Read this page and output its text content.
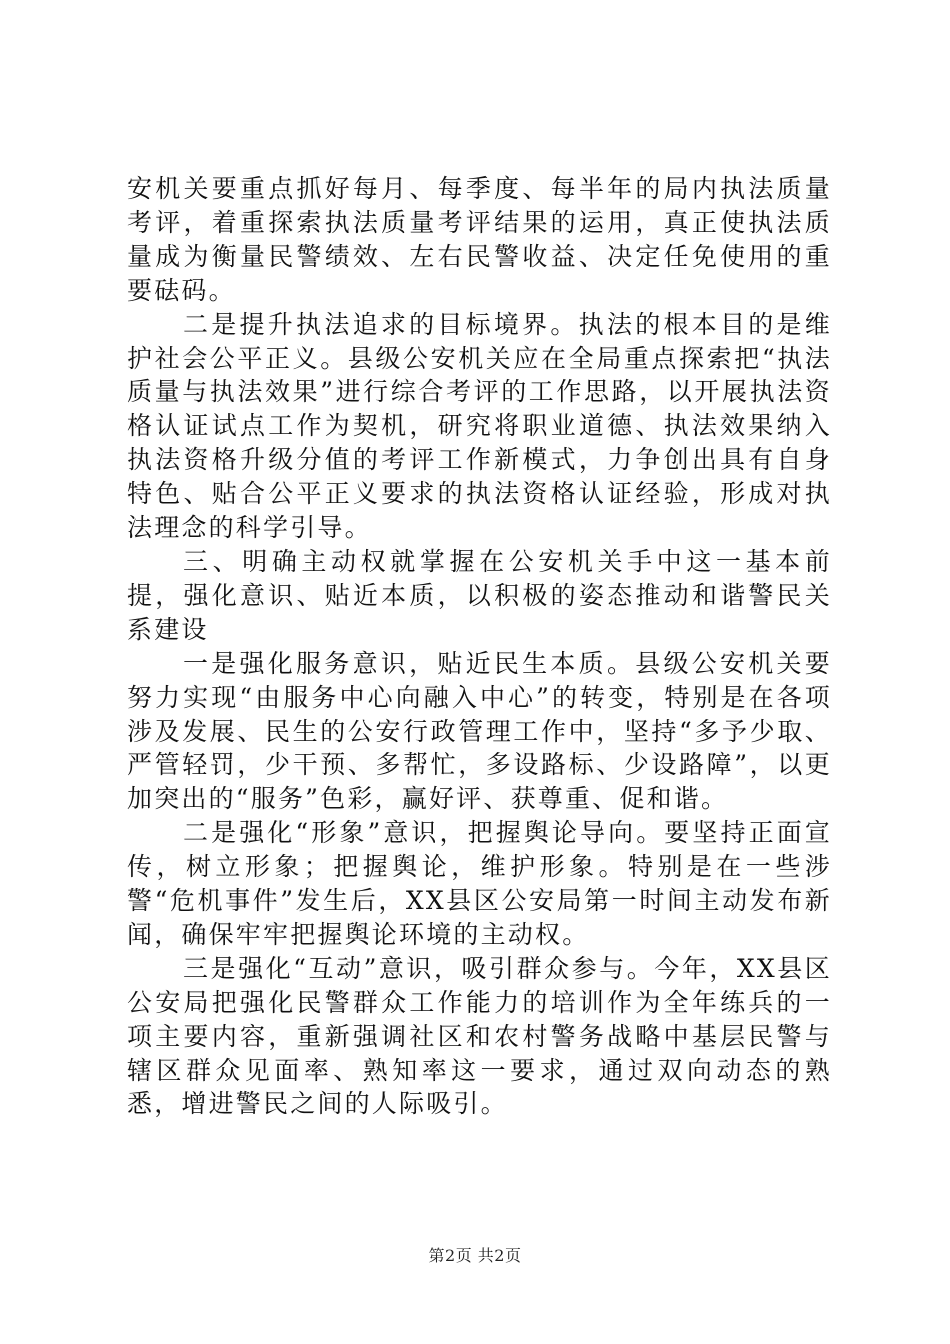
安机关要重点抓好每月、每季度、每半年的局内执法质量考评，着重探索执法质量考评结果的运用，真正使执法质量成为衡量民警绩效、左右民警收益、决定任免使用的重要砝码。

二是提升执法追求的目标境界。执法的根本目的是维护社会公平正义。县级公安机关应在全局重点探索把“执法质量与执法效果”进行综合考评的工作思路，以开展执法资格认证试点工作为契机，研究将职业道德、执法效果纳入执法资格升级分值的考评工作新模式，力争创出具有自身特色、贴合公平正义要求的执法资格认证经验，形成对执法理念的科学引导。

三、明确主动权就掌握在公安机关手中这一基本前提，强化意识、贴近本质，以积极的姿态推动和谐警民关系建设

一是强化服务意识，贴近民生本质。县级公安机关要努力实现“由服务中心向融入中心”的转变，特别是在各项涉及发展、民生的公安行政管理工作中，坚持“多予少取、严管轻罚，少干预、多帮忙，多设路标、少设路障”，以更加突出的“服务”色彩，赢好评、获尊重、促和谐。

二是强化“形象”意识，把握舆论导向。要坚持正面宣传，树立形象；把握舆论，维护形象。特别是在一些涉警“危机事件”发生后，XX县区公安局第一时间主动发布新闻，确保牢牢把握舆论环境的主动权。

三是强化“互动”意识，吸引群众参与。今年，XX县区公安局把强化民警群众工作能力的培训作为全年练兵的一项主要内容，重新强调社区和农村警务战略中基层民警与辖区群众见面率、熟知率这一要求，通过双向动态的熟悉，增进警民之间的人际吸引。

第2页 共2页
